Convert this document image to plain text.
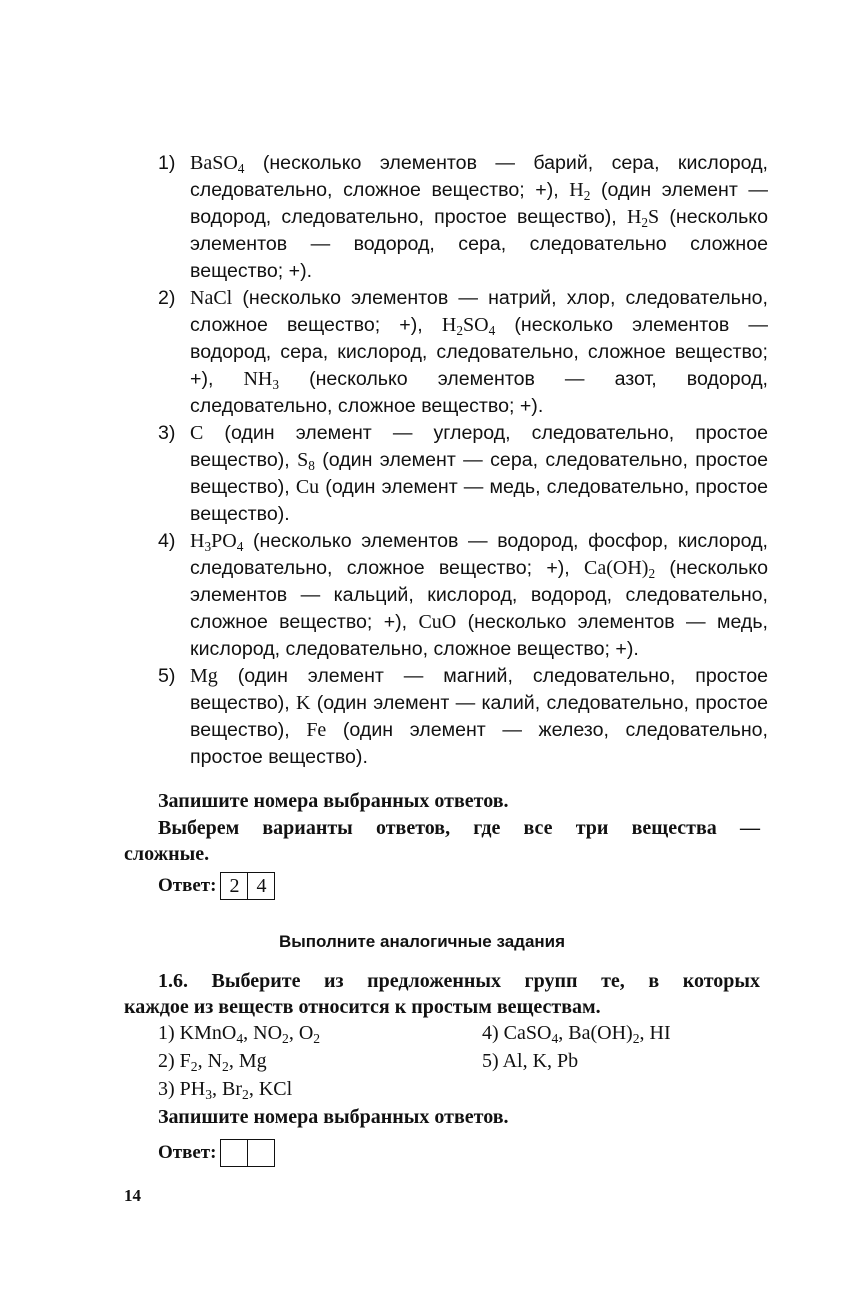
1) BaSO$_4$ (несколько элементов — барий, сера, кислород, следовательно, сложное вещество; +), $H_2$ (один элемент — водород, следовательно, простое вещество), $H_2S$ (несколько элементов — водород, сера, следовательно сложное вещество; +).

2) NaCl (несколько элементов — натрий, хлор, следовательно, сложное вещество; +), $H_2SO_4$ (несколько элементов — водород, сера, кислород, следовательно, сложное вещество; +), $NH_3$ (несколько элементов — азот, водород, следовательно, сложное вещество; +).

3) C (один элемент — углерод, следовательно, простое вещество), $S_8$ (один элемент — сера, следовательно, простое вещество), Cu (один элемент — медь, следовательно, простое вещество).

4) $H_3PO_4$ (несколько элементов — водород, фосфор, кислород, следовательно, сложное вещество; +), $Ca(OH)_2$ (несколько элементов — кальций, кислород, водород, следовательно, сложное вещество; +), CuO (несколько элементов — медь, кислород, следовательно, сложное вещество; +).

5) Mg (один элемент — магний, следовательно, простое вещество), K (один элемент — калий, следовательно, простое вещество), Fe (один элемент — железо, следовательно, простое вещество).

Запишите номера выбранных ответов.
Выберем варианты ответов, где все три вещества —
сложные.
Ответ: 2 4
Выполните аналогичные задания
1.6. Выберите из предложенных групп те, в которых
каждое из веществ относится к простым веществам.
1) KMnO$_4$, $NO_2$, $O_2$
2) $F_2$, $N_2$, Mg
3) $PH_3$, $Br_2$, KCl
4) CaSO$_4$, $Ba(OH)_2$, HI
5) Al, K, Pb
Запишите номера выбранных ответов.
Ответ:
14
